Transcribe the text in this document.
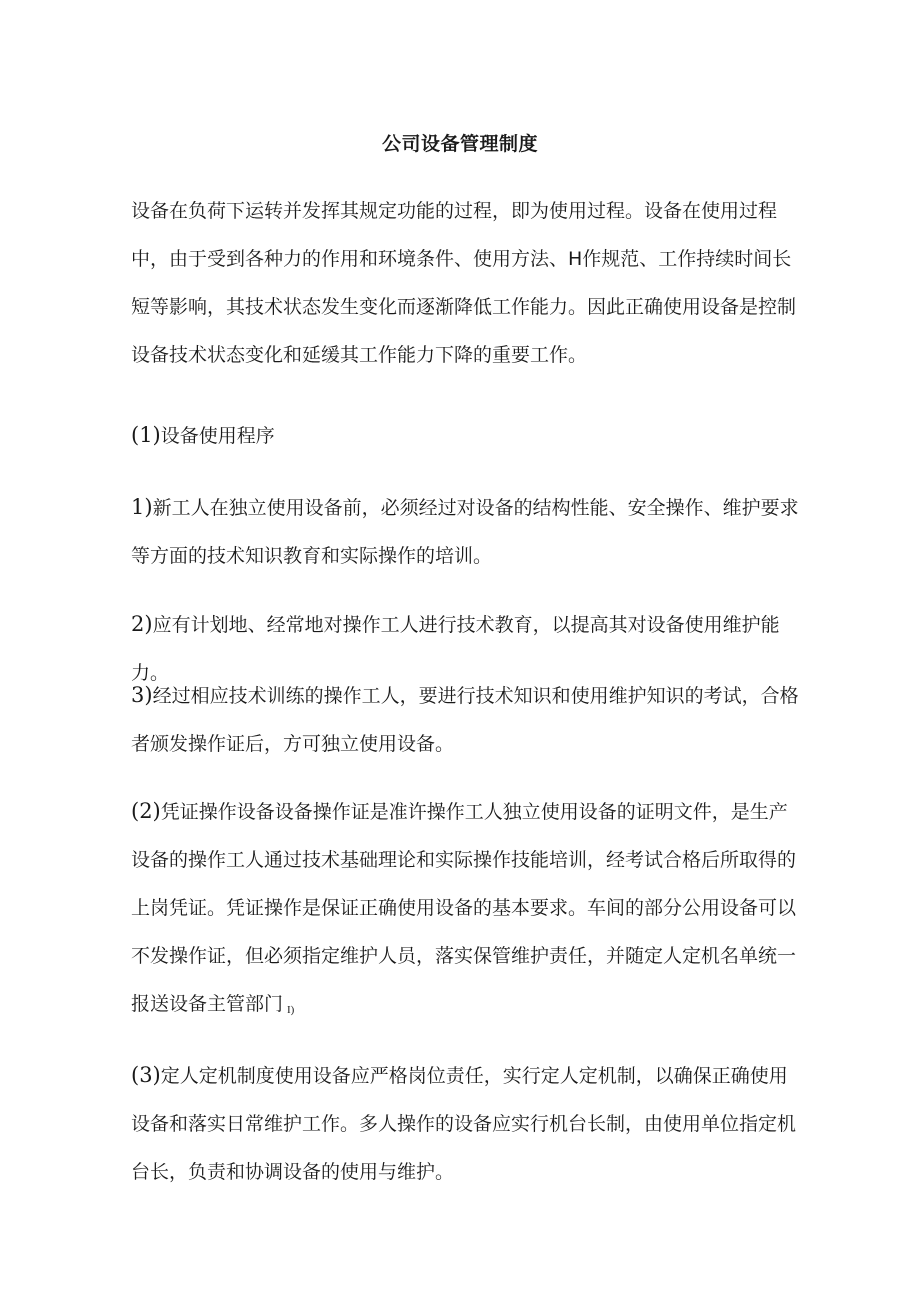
公司设备管理制度

设备在负荷下运转并发挥其规定功能的过程，即为使用过程。设备在使用过程中，由于受到各种力的作用和环境条件、使用方法、H作规范、工作持续时间长短等影响，其技术状态发生变化而逐渐降低工作能力。因此正确使用设备是控制设备技术状态变化和延缓其工作能力下降的重要工作。

(1)设备使用程序

1)新工人在独立使用设备前，必须经过对设备的结构性能、安全操作、维护要求等方面的技术知识教育和实际操作的培训。

2)应有计划地、经常地对操作工人进行技术教育，以提高其对设备使用维护能力。

3)经过相应技术训练的操作工人，要进行技术知识和使用维护知识的考试，合格者颁发操作证后，方可独立使用设备。

(2)凭证操作设备设备操作证是准许操作工人独立使用设备的证明文件，是生产设备的操作工人通过技术基础理论和实际操作技能培训，经考试合格后所取得的上岗凭证。凭证操作是保证正确使用设备的基本要求。车间的部分公用设备可以不发操作证，但必须指定维护人员，落实保管维护责任，并随定人定机名单统一报送设备主管部门 I)

(3)定人定机制度使用设备应严格岗位责任，实行定人定机制，以确保正确使用设备和落实日常维护工作。多人操作的设备应实行机台长制，由使用单位指定机台长，负责和协调设备的使用与维护。
